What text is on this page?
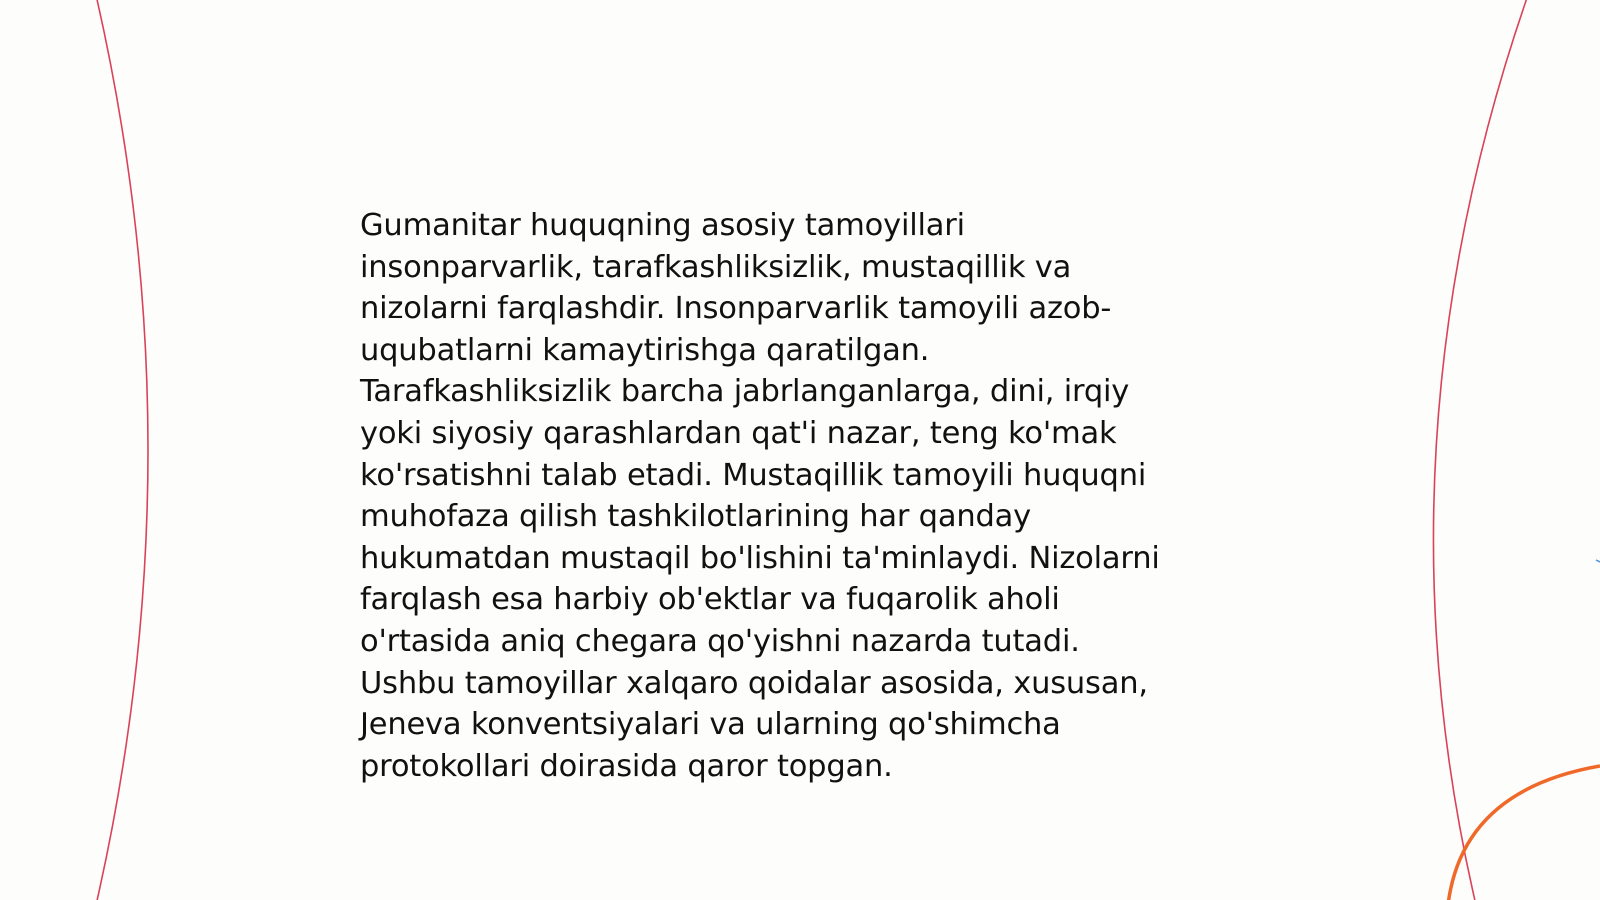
Gumanitar huquqning asosiy tamoyillari
insonparvarlik, tarafkashliksizlik, mustaqillik va
nizolarni farqlashdir. Insonparvarlik tamoyili azob-
uqubatlarni kamaytirishga qaratilgan.
Tarafkashliksizlik barcha jabrlanganlarga, dini, irqiy
yoki siyosiy qarashlardan qat'i nazar, teng ko'mak
ko'rsatishni talab etadi. Mustaqillik tamoyili huquqni
muhofaza qilish tashkilotlarining har qanday
hukumatdan mustaqil bo'lishini ta'minlaydi. Nizolarni
farqlash esa harbiy ob'ektlar va fuqarolik aholi
o'rtasida aniq chegara qo'yishni nazarda tutadi.
Ushbu tamoyillar xalqaro qoidalar asosida, xususan,
Jeneva konventsiyalari va ularning qo'shimcha
protokollari doirasida qaror topgan.
